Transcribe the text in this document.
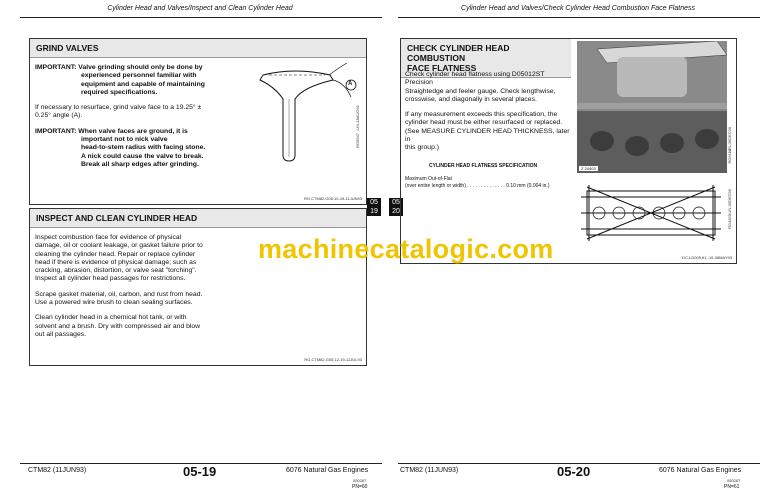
Cylinder Head and Valves/Inspect and Clean Cylinder Head
GRIND VALVES
IMPORTANT: Valve grinding should only be done by
experienced personnel familiar with
equipment and capable of maintaining
required specifications.
If necessary to resurface, grind valve face to a 19.25° ±
0.25° angle (A).
IMPORTANT: When valve faces are ground, it is
important not to nick valve
head-to-stem radius with facing stone.
A nick could cause the valve to break.
Break all sharp edges after grinding.
A
-UN-18AUG91
RG5547
RG,CTM82,G05,10-19-11JUN93
INSPECT AND CLEAN CYLINDER HEAD
Inspect combustion face for evidence of physical
damage, oil or coolant leakage, or gasket failure prior to
cleaning the cylinder head. Repair or replace cylinder
head if there is evidence of physical damage; such as
cracking, abrasion, distortion, or valve seat "torching".
Inspect all cylinder head passages for restrictions.
Scrape gasket material, oil, carbon, and rust from head.
Use a powered wire brush to clean sealing surfaces.
Clean cylinder head in a chemical hot tank, or with
solvent and a brush. Dry with compressed air and blow
out all passages.
RG,CTM82,G05,12-19-12JUL93
05
19
05
20
CTM82 (11JUN93)	05-19	6076 Natural Gas Engines
050287
PN=60
Cylinder Head and Valves/Check Cylinder Head Combustion Face Flatness
CHECK CYLINDER HEAD COMBUSTION
FACE FLATNESS
Check cylinder head flatness using D05012ST Precision
Straightedge and feeler gauge. Check lengthwise,
crosswise, and diagonally in several places.
If any measurement exceeds this specification, the
cylinder head must be either resurfaced or replaced.
(See MEASURE CYLINDER HEAD THICKNESS, later in
this group.)
CYLINDER HEAD FLATNESS SPECIFICATION
Maximum Out-of-Flat
(over entire length or width) . . . . . . . . . . . . . . 0.10 mm (0.004 in.)
Z 24403
-UN-05DEC90
RG6116
-UN-05DEC90
RG4429
DC,LD005,61 -19-08MAY93
CTM82 (11JUN93)	05-20	6076 Natural Gas Engines
050287
PN=61
machinecatalogic.com
